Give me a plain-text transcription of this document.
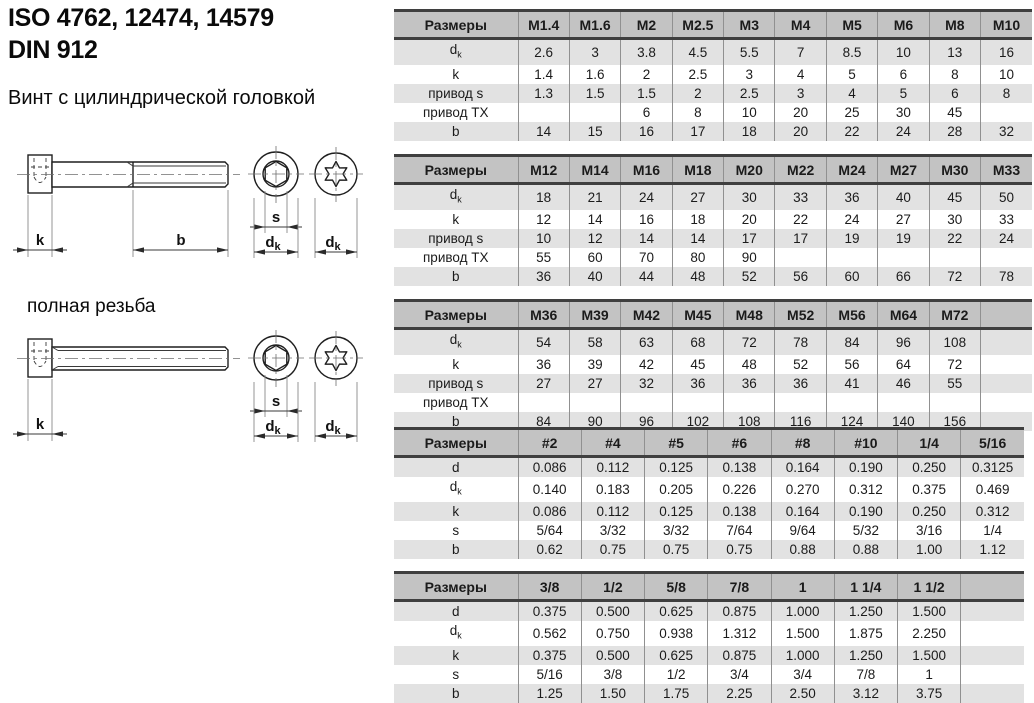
ISO 4762, 12474, 14579
DIN 912
Винт с цилиндрической головкой
полная резьба
k	b
s
$d_k$	$d_k$
Размеры	M1.4	M1.6	M2	M2.5	M3	M4	M5	M6	M8	M10
$d_k$	2.6	3	3.8	4.5	5.5	7	8.5	10	13	16
k	1.4	1.6	2	2.5	3	4	5	6	8	10
привод s	1.3	1.5	1.5	2	2.5	3	4	5	6	8
привод TX			6	8	10	20	25	30	45	
b	14	15	16	17	18	20	22	24	28	32
Размеры	M12	M14	M16	M18	M20	M22	M24	M27	M30	M33
$d_k$	18	21	24	27	30	33	36	40	45	50
k	12	14	16	18	20	22	24	27	30	33
привод s	10	12	14	14	17	17	19	19	22	24
привод TX	55	60	70	80	90					
b	36	40	44	48	52	56	60	66	72	78
Размеры	M36	M39	M42	M45	M48	M52	M56	M64	M72	
$d_k$	54	58	63	68	72	78	84	96	108	
k	36	39	42	45	48	52	56	64	72	
привод s	27	27	32	36	36	36	41	46	55	
привод TX										
b	84	90	96	102	108	116	124	140	156	
Размеры	#2	#4	#5	#6	#8	#10	1/4	5/16
d	0.086	0.112	0.125	0.138	0.164	0.190	0.250	0.3125
$d_k$	0.140	0.183	0.205	0.226	0.270	0.312	0.375	0.469
k	0.086	0.112	0.125	0.138	0.164	0.190	0.250	0.312
s	5/64	3/32	3/32	7/64	9/64	5/32	3/16	1/4
b	0.62	0.75	0.75	0.75	0.88	0.88	1.00	1.12
Размеры	3/8	1/2	5/8	7/8	1	1 1/4	1 1/2	
d	0.375	0.500	0.625	0.875	1.000	1.250	1.500	
$d_k$	0.562	0.750	0.938	1.312	1.500	1.875	2.250	
k	0.375	0.500	0.625	0.875	1.000	1.250	1.500	
s	5/16	3/8	1/2	3/4	3/4	7/8	1	
b	1.25	1.50	1.75	2.25	2.50	3.12	3.75	
